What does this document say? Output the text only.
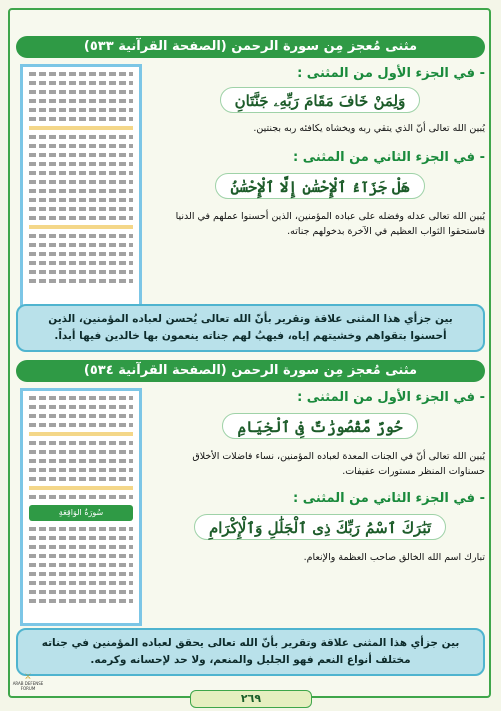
مثنى مُعجز مِن سورة الرحمن (الصفحة القرآنية ٥٣٣)
- في الجزء الأول من المثنى :
وَلِمَنْ خَافَ مَقَامَ رَبِّهِۦ جَنَّتَانِ
يُبين الله تعالى أنّ الذي يتقي ربه ويخشاه يكافئه ربه بجنتين.
- في الجزء الثاني من المثنى :
هَلْ جَزَآءُ ٱلْإِحْسَٰنِ إِلَّا ٱلْإِحْسَٰنُ
يُبين الله تعالى عدله وفضله على عباده المؤمنين، الذين أحسنوا عملهم في الدنيا فاستحقوا الثواب العظيم في الآخرة بدخولهم جناته.
بين جزأي هذا المثنى علاقة وتقرير بأنّ الله تعالى يُحسن لعباده المؤمنين، الذين أحسنوا بتقواهم وخشيتهم إياه، فيهبُ لهم جناته ينعمون بها خالدين فيها أبداً.
مثنى مُعجز مِن سورة الرحمن (الصفحة القرآنية ٥٣٤)
سُورَةُ الوَاقِعَةِ
- في الجزء الأول من المثنى :
حُورٌ مَّقْصُورَٰتٌ فِى ٱلْخِيَامِ
يُبين الله تعالى أنّ في الجنات المعدة لعباده المؤمنين، نساء فاضلات الأخلاق حسناوات المنظر مستورات عفيفات.
- في الجزء الثاني من المثنى :
تَبَٰرَكَ ٱسْمُ رَبِّكَ ذِى ٱلْجَلَٰلِ وَٱلْإِكْرَامِ
تبارك اسم الله الخالق صاحب العظمة والإنعام.
بين جزأي هذا المثنى علاقة وتقرير بأنّ الله تعالى يحقق لعباده المؤمنين في جناته مختلف أنواع النعم فهو الجليل والمنعم، ولا حد لإحسانه وكرمه.
٢٦٩
⚔
ARAB DEFENSE FORUM
